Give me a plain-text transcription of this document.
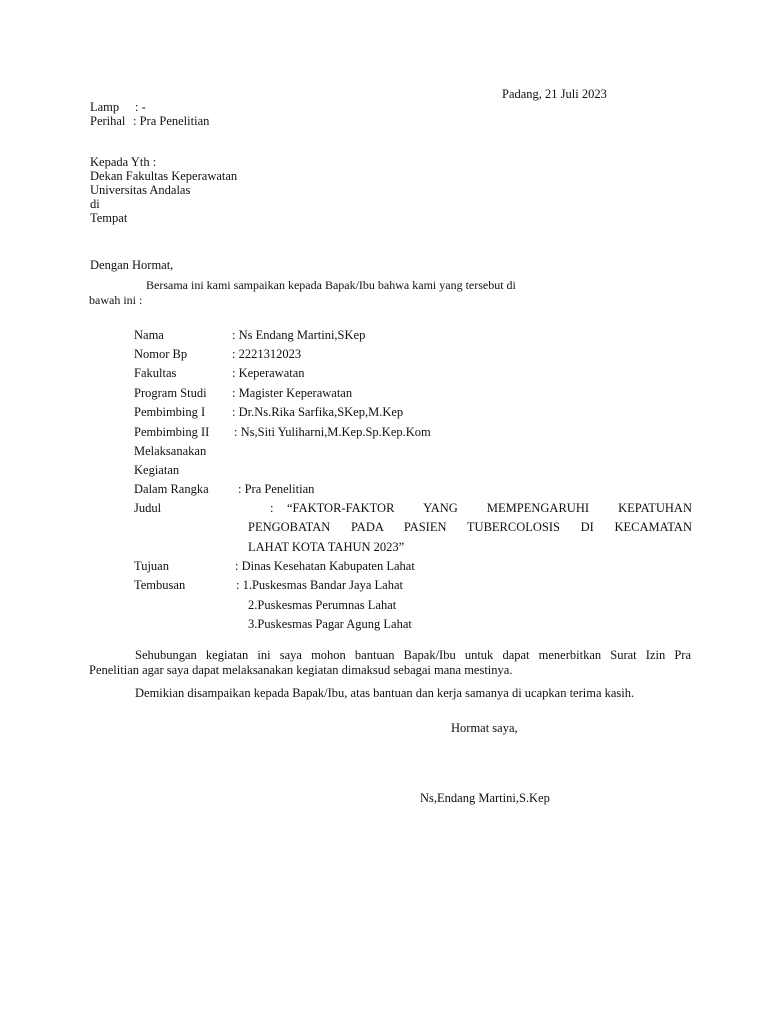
Padang, 21 Juli 2023
Lamp : -
Perihal : Pra Penelitian
Kepada Yth :
Dekan Fakultas Keperawatan
Universitas Andalas
di
Tempat
Dengan Hormat,
Bersama ini kami sampaikan kepada Bapak/Ibu bahwa kami yang tersebut di
bawah ini :
Nama	: Ns Endang Martini,SKep
Nomor Bp	: 2221312023
Fakultas	: Keperawatan
Program Studi : Magister Keperawatan
Pembimbing I : Dr.Ns.Rika Sarfika,SKep,M.Kep
Pembimbing II : Ns,Siti Yuliharni,M.Kep.Sp.Kep.Kom
Melaksanakan
Kegiatan
Dalam Rangka : Pra Penelitian
Judul	: “FAKTOR-FAKTOR YANG MEMPENGARUHI KEPATUHAN
PENGOBATAN PADA PASIEN TUBERCOLOSIS DI KECAMATAN
LAHAT KOTA TAHUN 2023”
Tujuan	: Dinas Kesehatan Kabupaten Lahat
Tembusan	: 1.Puskesmas Bandar Jaya Lahat
2.Puskesmas Perumnas Lahat
3.Puskesmas Pagar Agung Lahat
Sehubungan kegiatan ini saya mohon bantuan Bapak/Ibu untuk dapat menerbitkan Surat Izin Pra
Penelitian agar saya dapat melaksanakan kegiatan dimaksud sebagai mana mestinya.
Demikian disampaikan kepada Bapak/Ibu, atas bantuan dan kerja samanya di ucapkan terima kasih.
Hormat saya,
Ns,Endang Martini,S.Kep
